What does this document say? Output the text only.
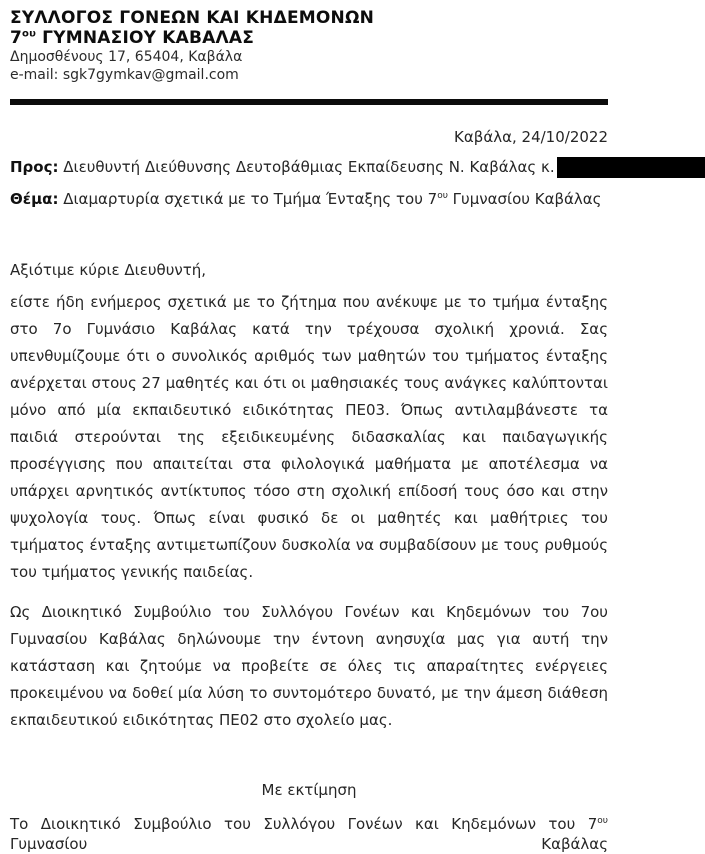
ΣΥΛΛΟΓΟΣ ΓΟΝΕΩΝ ΚΑΙ ΚΗΔΕΜΟΝΩΝ
$7^{o\upsilon}$ ΓΥΜΝΑΣΙΟΥ ΚΑΒΑΛΑΣ
Δημοσθένους 17, 65404, Καβάλα
e-mail: sgk7gymkav@gmail.com
Καβάλα, 24/10/2022
Προς: Διευθυντή Διεύθυνσης Δευτοβάθμιας Εκπαίδευσης Ν. Καβάλας κ.
Θέμα: Διαμαρτυρία σχετικά με το Τμήμα Ένταξης του $7^{o\upsilon}$ Γυμνασίου Καβάλας
Αξιότιμε κύριε Διευθυντή,

είστε ήδη ενήμερος σχετικά με το ζήτημα που ανέκυψε με το τμήμα ένταξης στο 7ο Γυμνάσιο Καβάλας κατά την τρέχουσα σχολική χρονιά. Σας υπενθυμίζουμε ότι ο συνολικός αριθμός των μαθητών του τμήματος ένταξης ανέρχεται στους 27 μαθητές και ότι οι μαθησιακές τους ανάγκες καλύπτονται μόνο από μία εκπαιδευτικό ειδικότητας ΠΕ03. Όπως αντιλαμβάνεστε τα παιδιά στερούνται της εξειδικευμένης διδασκαλίας και παιδαγωγικής προσέγγισης που απαιτείται στα φιλολογικά μαθήματα με αποτέλεσμα να υπάρχει αρνητικός αντίκτυπος τόσο στη σχολική επίδοσή τους όσο και στην ψυχολογία τους. Όπως είναι φυσικό δε οι μαθητές και μαθήτριες του τμήματος ένταξης αντιμετωπίζουν δυσκολία να συμβαδίσουν με τους ρυθμούς του τμήματος γενικής παιδείας.

Ως Διοικητικό Συμβούλιο του Συλλόγου Γονέων και Κηδεμόνων του 7ου Γυμνασίου Καβάλας δηλώνουμε την έντονη ανησυχία μας για αυτή την κατάσταση και ζητούμε να προβείτε σε όλες τις απαραίτητες ενέργειες προκειμένου να δοθεί μία λύση το συντομότερο δυνατό, με την άμεση διάθεση εκπαιδευτικού ειδικότητας ΠΕ02 στο σχολείο μας.

Με εκτίμηση
Το Διοικητικό Συμβούλιο του Συλλόγου Γονέων και Κηδεμόνων του $7^{o\upsilon}$ Γυμνασίου Καβάλας
